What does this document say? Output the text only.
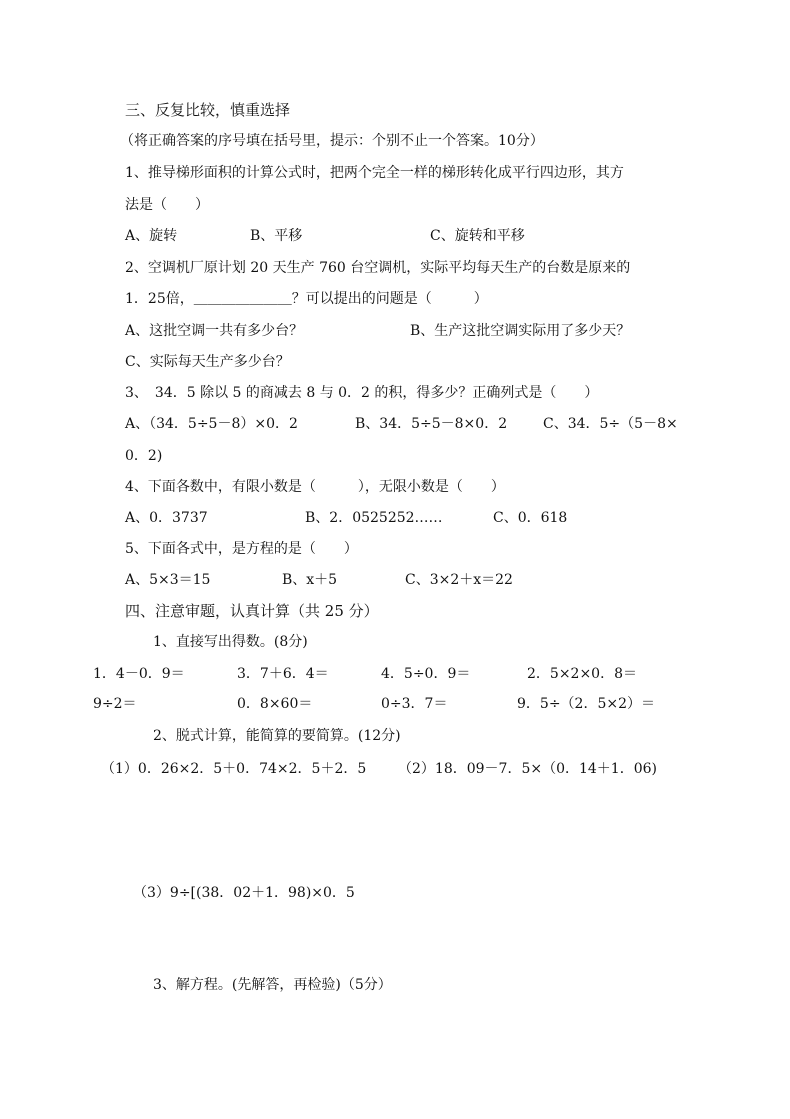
三、反复比较，慎重选择
（将正确答案的序号填在括号里，提示：个别不止一个答案。10分）
1、推导梯形面积的计算公式时，把两个完全一样的梯形转化成平行四边形，其方
法是（　　）
A、旋转	B、平移	C、旋转和平移
2、空调机厂原计划 20 天生产 760 台空调机，实际平均每天生产的台数是原来的
1．25倍，＿＿＿＿＿＿＿？可以提出的问题是（　　　）
A、这批空调一共有多少台？	B、生产这批空调实际用了多少天？
C、实际每天生产多少台？
3、　34．5 除以 5 的商减去 8 与 0．2 的积，得多少？正确列式是（　　）
A、（34．5÷5－8）×0．2	B、34．5÷5－8×0．2	C、34．5÷（5－8×
0．2)
4、下面各数中，有限小数是（　　　），无限小数是（　　）
A、0．3737	B、2．0525252……	C、0．618
5、下面各式中，是方程的是（　　）
A、5×3＝15	B、x＋5	C、3×2＋x＝22
四、注意审题，认真计算（共 25 分）
1、直接写出得数。(8分)
1．4－0．9＝	3．7＋6．4＝	4．5÷0．9＝	2．5×2×0．8＝
9÷2＝	0．8×60＝	0÷3．7＝	9．5÷（2．5×2）＝
2、脱式计算，能简算的要简算。(12分)
（1）0．26×2．5＋0．74×2．5＋2．5 （2）18．09－7．5×（0．14＋1．06)
（3）9÷[(38．02＋1．98)×0．5
3、解方程。(先解答，再检验)（5分）
